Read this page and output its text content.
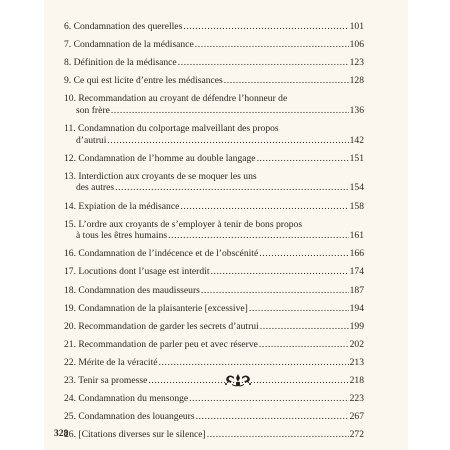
6. Condamnation des querelles .....	101
7. Condamnation de la médisance .....	106
8. Définition de la médisance .....	123
9. Ce qui est licite d’entre les médisances .....	128
10. Recommandation au croyant de défendre l’honneur de
son frère .....	136
11. Condamnation du colportage malveillant des propos
d’autrui .....	142
12. Condamnation de l’homme au double langage .....	151
13. Interdiction aux croyants de se moquer les uns
des autres .....	154
14. Expiation de la médisance .....	158
15. L’ordre aux croyants de s’employer à tenir de bons propos
à tous les êtres humains .....	161
16. Condamnation de l’indécence et de l’obscénité .....	166
17. Locutions dont l’usage est interdit .....	174
18. Condamnation des maudisseurs .....	187
19. Condamnation de la plaisanterie [excessive] .....	194
20. Recommandation de garder les secrets d’autrui .....	199
21. Recommandation de parler peu et avec réserve .....	202
22. Mérite de la véracité .....	213
23. Tenir sa promesse .....	218
24. Condamnation du mensonge .....	223
25. Condamnation des louangeurs .....	267
26. [Citations diverses sur le silence] .....	272
328
